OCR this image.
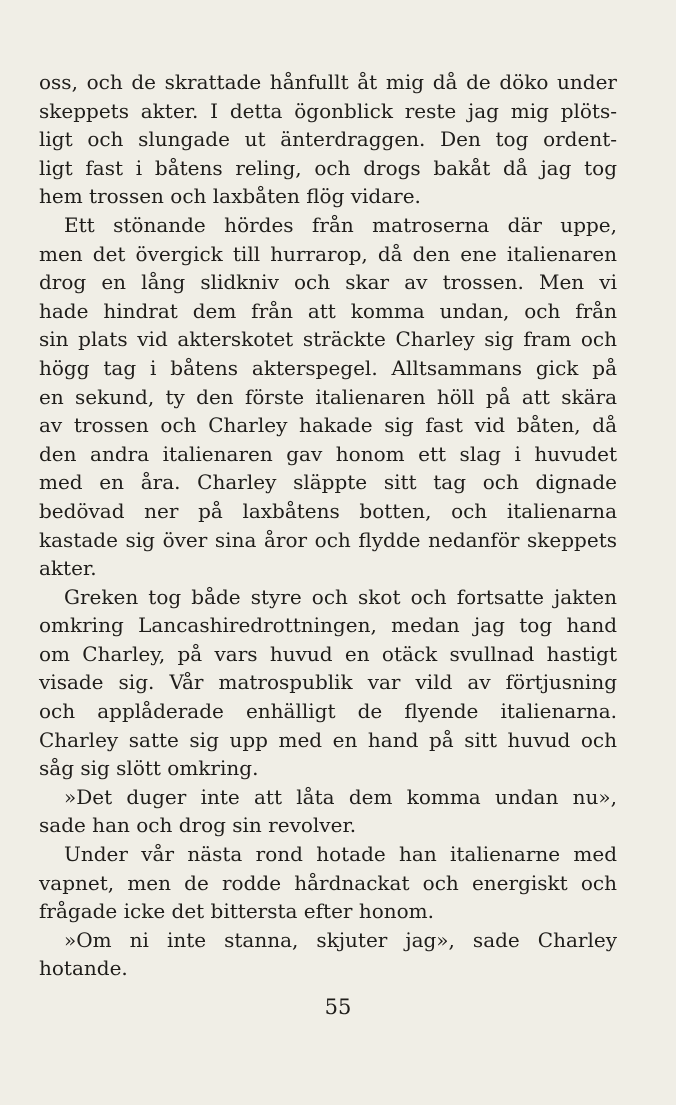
oss, och de skrattade hånfullt åt mig då de döko under
skeppets akter. I detta ögonblick reste jag mig plöts-
ligt och slungade ut änterdraggen. Den tog ordent-
ligt fast i båtens reling, och drogs bakåt då jag tog
hem trossen och laxbåten flög vidare.
Ett stönande hördes från matroserna där uppe,
men det övergick till hurrarop, då den ene italienaren
drog en lång slidkniv och skar av trossen. Men vi
hade hindrat dem från att komma undan, och från
sin plats vid akterskotet sträckte Charley sig fram och
högg tag i båtens akterspegel. Alltsammans gick på
en sekund, ty den förste italienaren höll på att skära
av trossen och Charley hakade sig fast vid båten, då
den andra italienaren gav honom ett slag i huvudet
med en åra. Charley släppte sitt tag och dignade
bedövad ner på laxbåtens botten, och italienarna
kastade sig över sina åror och flydde nedanför skeppets
akter.
Greken tog både styre och skot och fortsatte jakten
omkring Lancashiredrottningen, medan jag tog hand
om Charley, på vars huvud en otäck svullnad hastigt
visade sig. Vår matrospublik var vild av förtjusning
och applåderade enhälligt de flyende italienarna.
Charley satte sig upp med en hand på sitt huvud och
såg sig slött omkring.
»Det duger inte att låta dem komma undan nu»,
sade han och drog sin revolver.
Under vår nästa rond hotade han italienarne med
vapnet, men de rodde hårdnackat och energiskt och
frågade icke det bittersta efter honom.
»Om ni inte stanna, skjuter jag», sade Charley
hotande.
55
